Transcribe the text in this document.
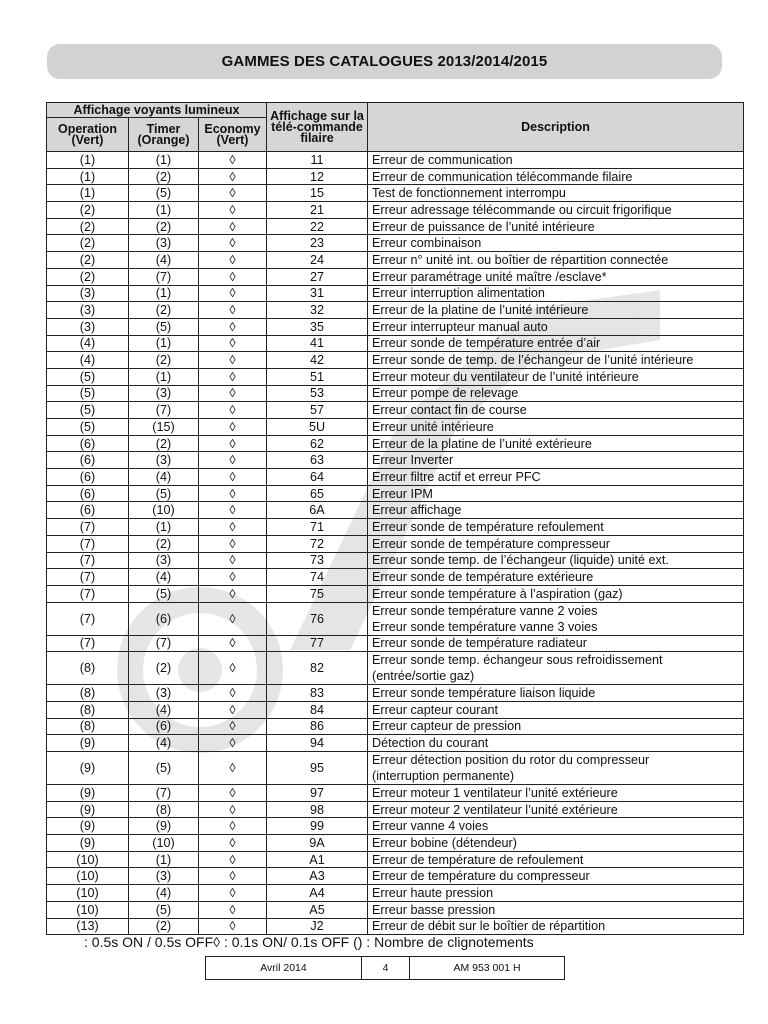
GAMMES DES CATALOGUES 2013/2014/2015
Affichage voyants lumineux			Affichage sur la télé-commande filaire	Description
Operation (Vert)	Timer (Orange)	Economy (Vert)		
(1)	(1)	◊	11	Erreur de communication

(1)	(2)	◊	12	Erreur de communication télécommande filaire

(1)	(5)	◊	15	Test de fonctionnement interrompu

(2)	(1)	◊	21	Erreur adressage télécommande ou circuit frigorifique

(2)	(2)	◊	22	Erreur de puissance de l’unité intérieure

(2)	(3)	◊	23	Erreur combinaison

(2)	(4)	◊	24	Erreur n° unité int. ou boîtier de répartition connectée

(2)	(7)	◊	27	Erreur paramétrage unité maître /esclave*

(3)	(1)	◊	31	Erreur interruption alimentation

(3)	(2)	◊	32	Erreur de la platine de l’unité intérieure

(3)	(5)	◊	35	Erreur interrupteur manual auto

(4)	(1)	◊	41	Erreur sonde de température entrée d’air

(4)	(2)	◊	42	Erreur sonde de temp. de l’échangeur de l’unité intérieure

(5)	(1)	◊	51	Erreur moteur du ventilateur de l’unité intérieure

(5)	(3)	◊	53	Erreur pompe de relevage

(5)	(7)	◊	57	Erreur contact fin de course

(5)	(15)	◊	5U	Erreur unité intérieure

(6)	(2)	◊	62	Erreur de la platine de l’unité extérieure

(6)	(3)	◊	63	Erreur Inverter

(6)	(4)	◊	64	Erreur filtre actif et erreur PFC

(6)	(5)	◊	65	Erreur IPM

(6)	(10)	◊	6A	Erreur affichage

(7)	(1)	◊	71	Erreur sonde de température refoulement

(7)	(2)	◊	72	Erreur sonde de température compresseur

(7)	(3)	◊	73	Erreur sonde temp. de l’échangeur (liquide) unité ext.

(7)	(4)	◊	74	Erreur sonde de température extérieure

(7)	(5)	◊	75	Erreur sonde température à l’aspiration (gaz)

(7)	(6)	◊	76	Erreur sonde température vanne 2 voies
Erreur sonde température vanne 3 voies

(7)	(7)	◊	77	Erreur sonde de température radiateur

(8)	(2)	◊	82	Erreur sonde temp. échangeur sous refroidissement
(entrée/sortie gaz)

(8)	(3)	◊	83	Erreur sonde température liaison liquide

(8)	(4)	◊	84	Erreur capteur courant

(8)	(6)	◊	86	Erreur capteur de pression

(9)	(4)	◊	94	Détection du courant

(9)	(5)	◊	95	Erreur détection position du rotor du compresseur
(interruption permanente)

(9)	(7)	◊	97	Erreur moteur 1 ventilateur l’unité extérieure

(9)	(8)	◊	98	Erreur moteur 2 ventilateur l’unité extérieure

(9)	(9)	◊	99	Erreur vanne 4 voies

(9)	(10)	◊	9A	Erreur bobine (détendeur)

(10)	(1)	◊	A1	Erreur de température de refoulement

(10)	(3)	◊	A3	Erreur de température du compresseur

(10)	(4)	◊	A4	Erreur haute pression

(10)	(5)	◊	A5	Erreur basse pression

(13)	(2)	◊	J2	Erreur de débit sur le boîtier de répartition
: 0.5s ON / 0.5s OFF◊ : 0.1s ON/ 0.1s OFF () : Nombre de clignotements
Avril 2014	4	AM 953 001 H
